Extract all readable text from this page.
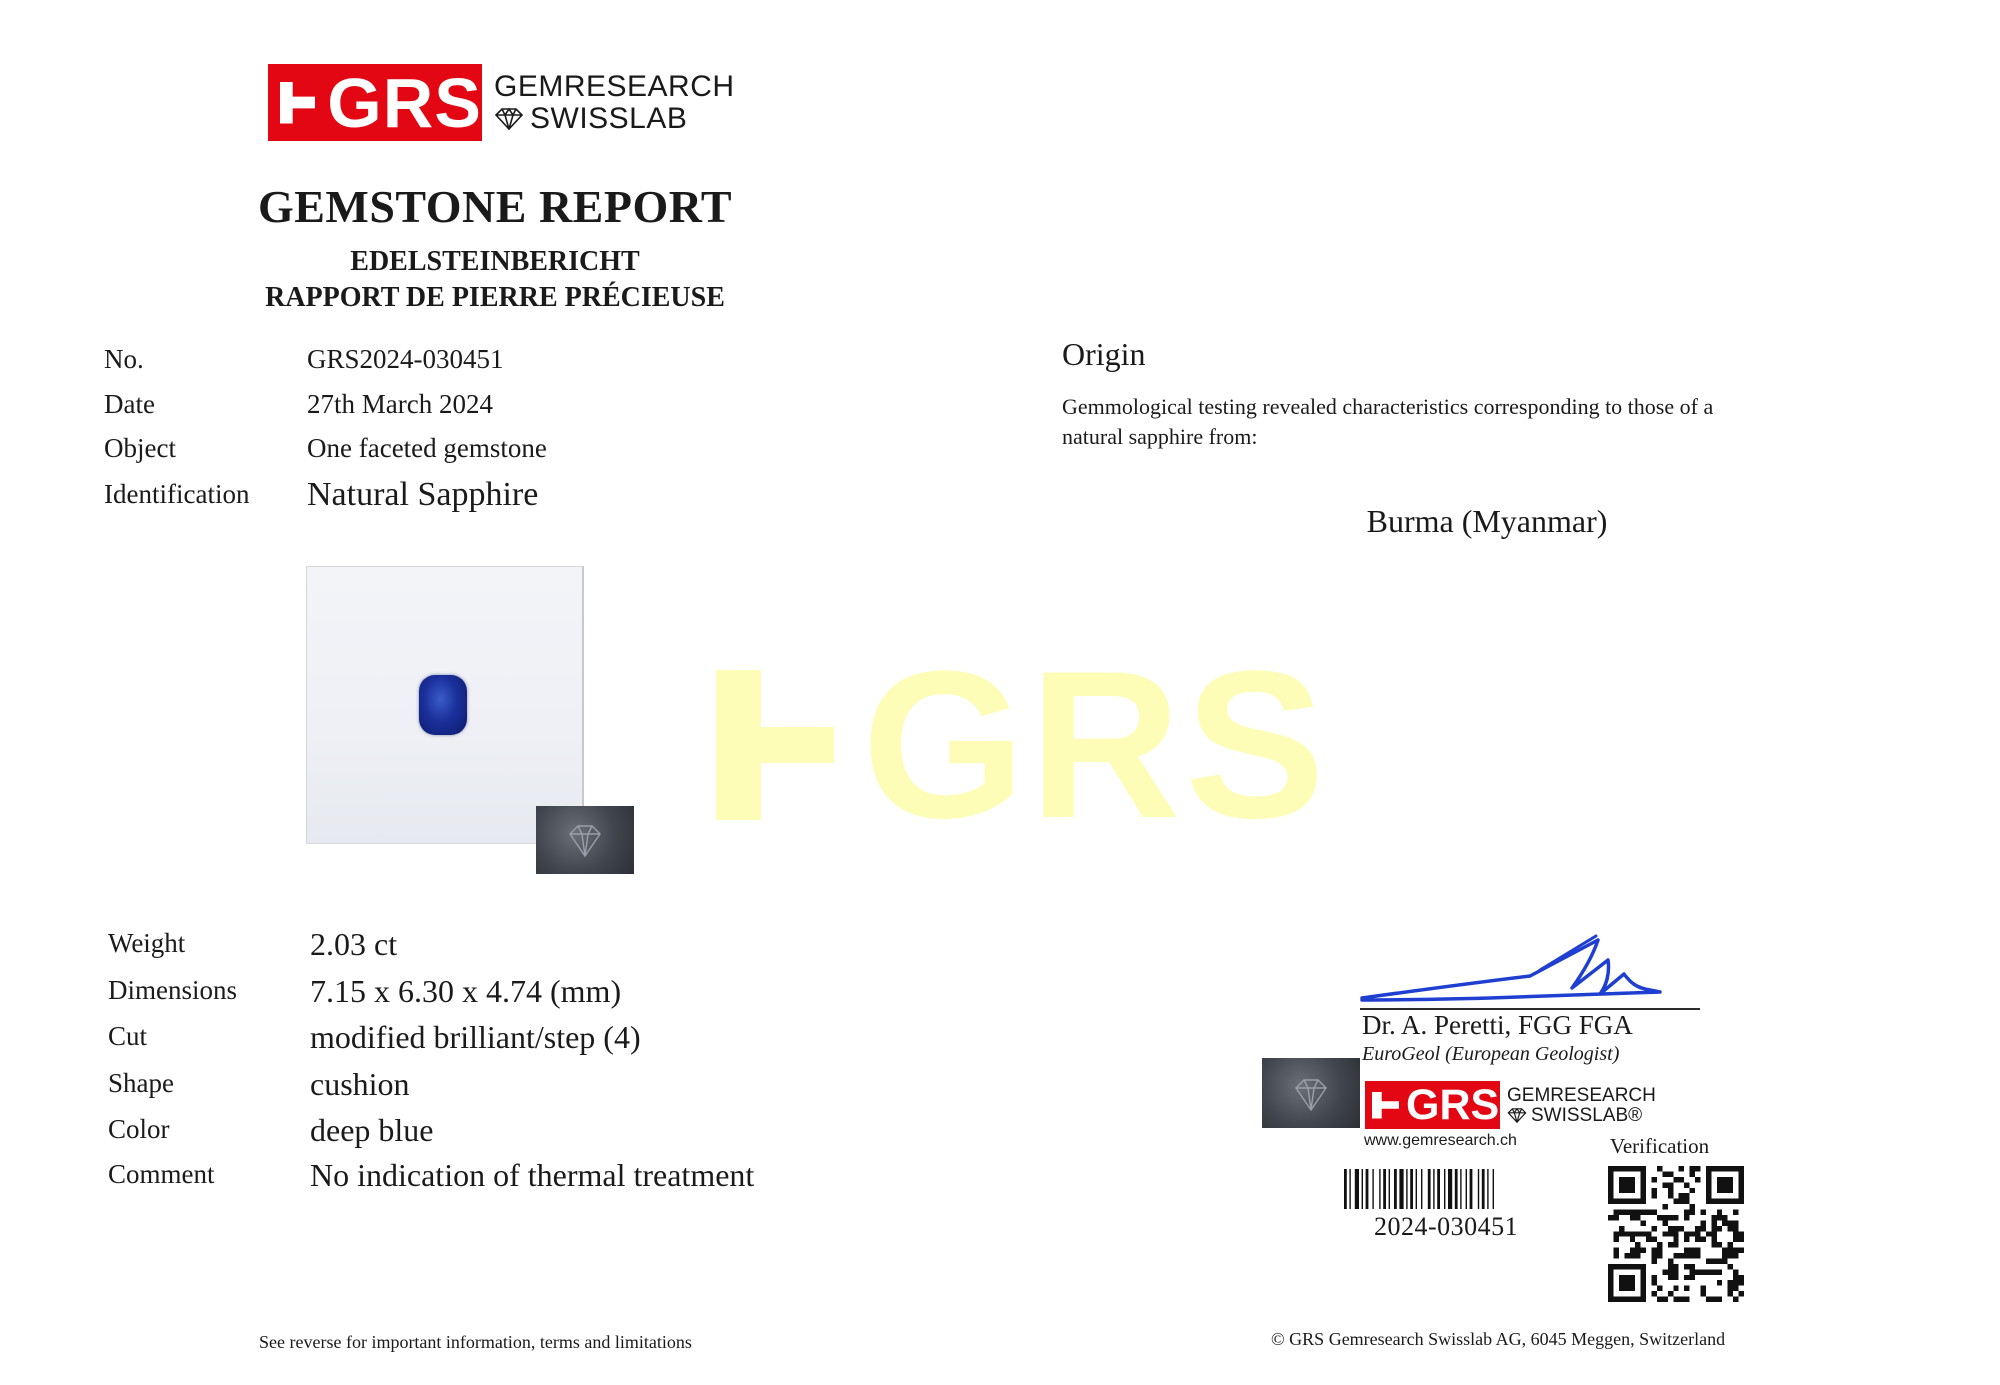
GRS GEMRESEARCH
SWISSLAB
GEMSTONE REPORT
EDELSTEINBERICHT
RAPPORT DE PIERRE PRÉCIEUSE
No.	GRS2024-030451
Date	27th March 2024
Object	One faceted gemstone
Identification Natural Sapphire
GRS
Weight	2.03 ct
Dimensions 7.15 x 6.30 x 4.74 (mm)
Cut	modified brilliant/step (4)
Shape	cushion
Color	deep blue
Comment	No indication of thermal treatment
Origin
Gemmological testing revealed characteristics corresponding to those of a natural sapphire from:
Burma (Myanmar)
Dr. A. Peretti, FGG FGA
EuroGeol (European Geologist)
GRS GEMRESEARCH
SWISSLAB®
www.gemresearch.ch	Verification
2024-030451
See reverse for important information, terms and limitations	© GRS Gemresearch Swisslab AG, 6045 Meggen, Switzerland
